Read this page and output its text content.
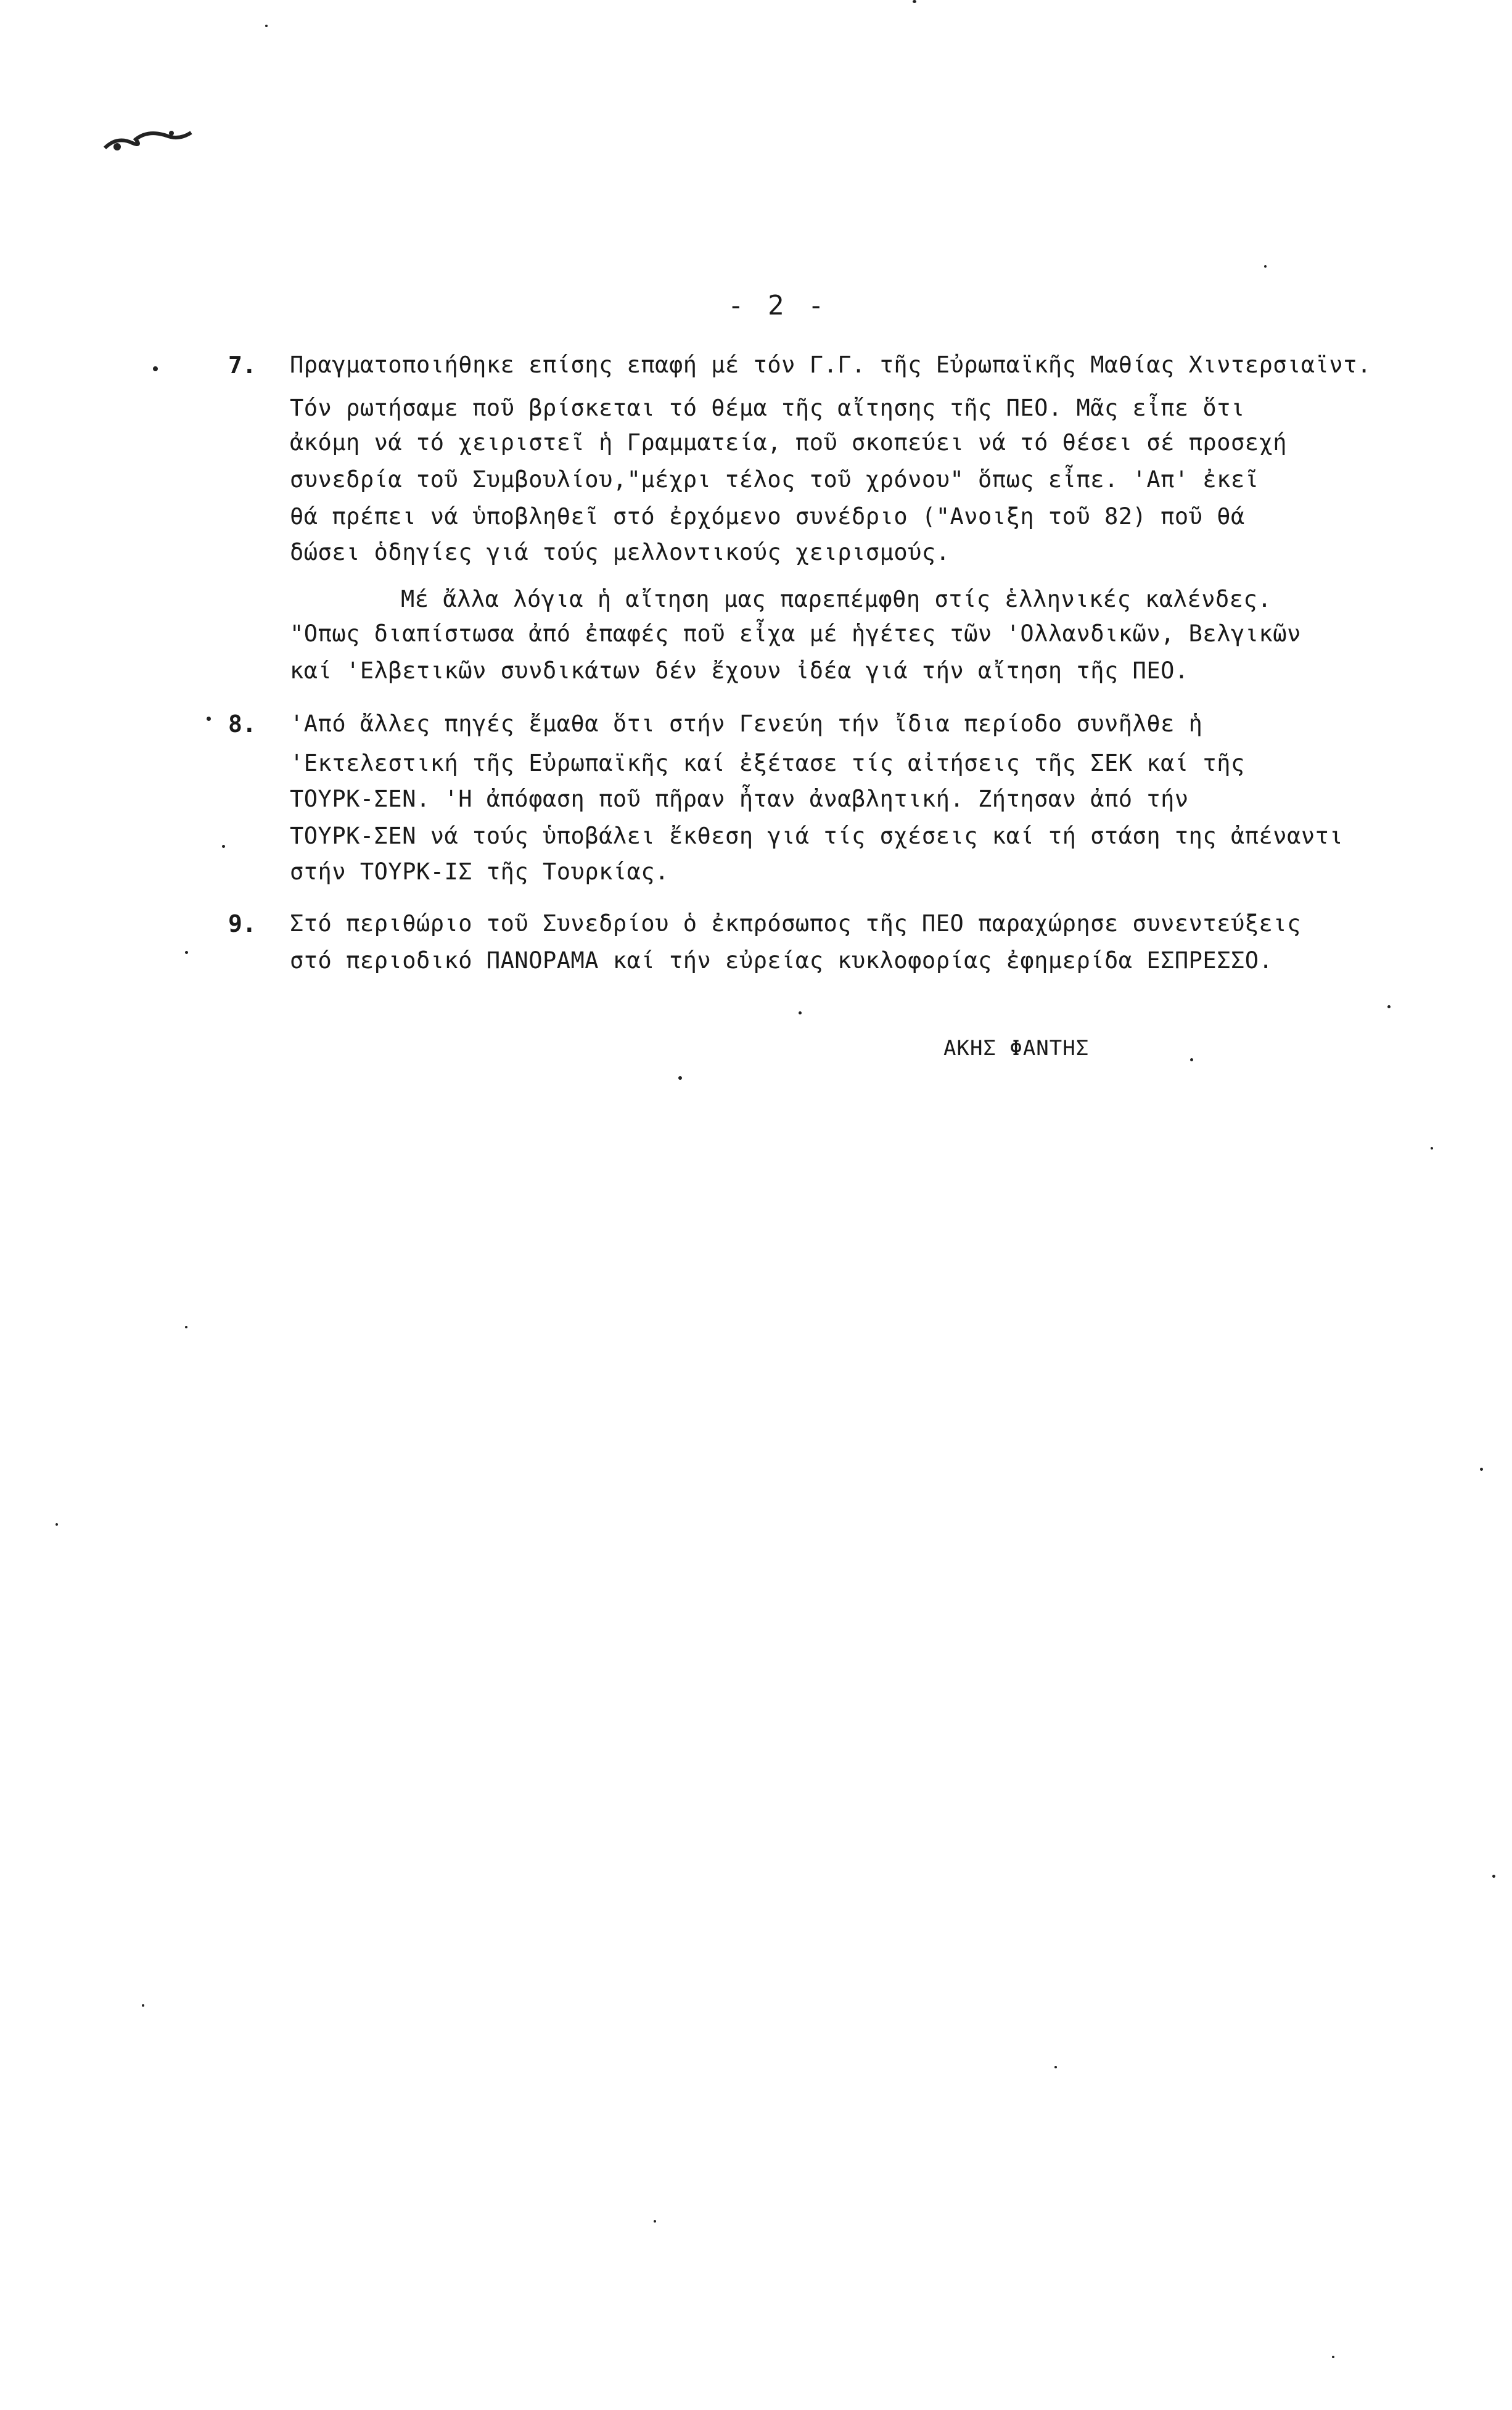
- 2 -
7. Πραγματοποιήθηκε επίσης επαφή μέ τόν Γ.Γ. τῆς Εὐρωπαϊκῆς Μαθίας Χιντερσιαϊντ.
Τόν ρωτήσαμε ποῦ βρίσκεται τό θέμα τῆς αἴτησης τῆς ΠΕΟ. Μᾶς εἶπε ὅτι
ἀκόμη νά τό χειριστεῖ ἡ Γραμματεία, ποῦ σκοπεύει νά τό θέσει σέ προσεχή
συνεδρία τοῦ Συμβουλίου,"μέχρι τέλος τοῦ χρόνου" ὅπως εἶπε. 'Απ' ἐκεῖ
θά πρέπει νά ὑποβληθεῖ στό ἐρχόμενο συνέδριο ("Ανοιξη τοῦ 82) ποῦ θά
δώσει ὁδηγίες γιά τούς μελλοντικούς χειρισμούς.
Μέ ἄλλα λόγια ἡ αἴτηση μας παρεπέμφθη στίς ἑλληνικές καλένδες.
"Οπως διαπίστωσα ἀπό ἐπαφές ποῦ εἶχα μέ ἡγέτες τῶν 'Ολλανδικῶν, Βελγικῶν
καί 'Ελβετικῶν συνδικάτων δέν ἔχουν ἰδέα γιά τήν αἴτηση τῆς ΠΕΟ.
8. 'Από ἄλλες πηγές ἔμαθα ὅτι στήν Γενεύη τήν ἴδια περίοδο συνῆλθε ἡ
'Εκτελεστική τῆς Εὐρωπαϊκῆς καί ἐξέτασε τίς αἰτήσεις τῆς ΣΕΚ καί τῆς
ΤΟΥΡΚ-ΣΕΝ. 'Η ἀπόφαση ποῦ πῆραν ἦταν ἀναβλητική. Ζήτησαν ἀπό τήν
ΤΟΥΡΚ-ΣΕΝ νά τούς ὑποβάλει ἔκθεση γιά τίς σχέσεις καί τή στάση της ἀπέναντι
στήν ΤΟΥΡΚ-ΙΣ τῆς Τουρκίας.
9. Στό περιθώριο τοῦ Συνεδρίου ὁ ἐκπρόσωπος τῆς ΠΕΟ παραχώρησε συνεντεύξεις
στό περιοδικό ΠΑΝΟΡΑΜΑ καί τήν εὐρείας κυκλοφορίας ἐφημερίδα ΕΣΠΡΕΣΣΟ.
ΑΚΗΣ ΦΑΝΤΗΣ
